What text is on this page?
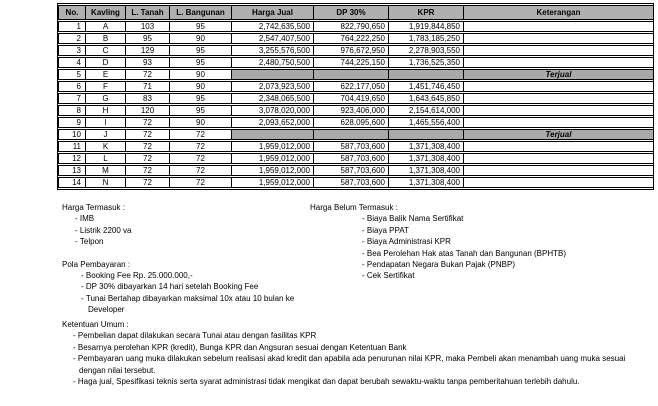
No.	Kavling	L. Tanah	L. Bangunan	Harga Jual	DP 30%	KPR	Keterangan
1	A	103	95	2,742,635,500	822,790,650	1,919,844,850	
2	B	95	90	2,547,407,500	764,222,250	1,783,185,250	
3	C	129	95	3,255,576,500	976,672,950	2,278,903,550	
4	D	93	95	2,480,750,500	744,225,150	1,736,525,350	
5	E	72	90				Terjual
6	F	71	90	2,073,923,500	622,177,050	1,451,746,450	
7	G	83	95	2,348,065,500	704,419,650	1,643,645,850	
8	H	120	95	3,078,020,000	923,406,000	2,154,614,000	
9	I	72	90	2,093,652,000	628,095,600	1,465,556,400	
10	J	72	72				Terjual
11	K	72	72	1,959,012,000	587,703,600	1,371,308,400	
12	L	72	72	1,959,012,000	587,703,600	1,371,308,400	
13	M	72	72	1,959,012,000	587,703,600	1,371,308,400	
14	N	72	72	1,959,012,000	587,703,600	1,371,308,400	
Harga Termasuk :
- IMB
- Listrik 2200 va
- Telpon
Pola Pembayaran :
- Booking Fee Rp. 25.000.000,-
- DP 30% dibayarkan 14 hari setelah Booking Fee
- Tunai Bertahap dibayarkan maksimal 10x atau 10 bulan ke Developer
Harga Belum Termasuk :
- Biaya Balik Nama Sertifikat
- Biaya PPAT
- Biaya Administrasi KPR
- Bea Perolehan Hak atas Tanah dan Bangunan (BPHTB)
- Pendapatan Negara Bukan Pajak (PNBP)
- Cek Sertifikat
Ketentuan Umum :
- Pembelian dapat dilakukan secara Tunai atau dengan fasilitas KPR
- Besarnya perolehan KPR (kredit), Bunga KPR dan Angsuran sesuai dengan Ketentuan Bank
- Pembayaran uang muka dilakukan sebelum realisasi akad kredit dan apabila ada penurunan nilai KPR, maka Pembeli akan menambah uang muka sesuai dengan nilai tersebut.
- Haga jual, Spesifikasi teknis serta syarat administrasi tidak mengikat dan dapat berubah sewaktu-waktu tanpa pemberitahuan terlebih dahulu.
